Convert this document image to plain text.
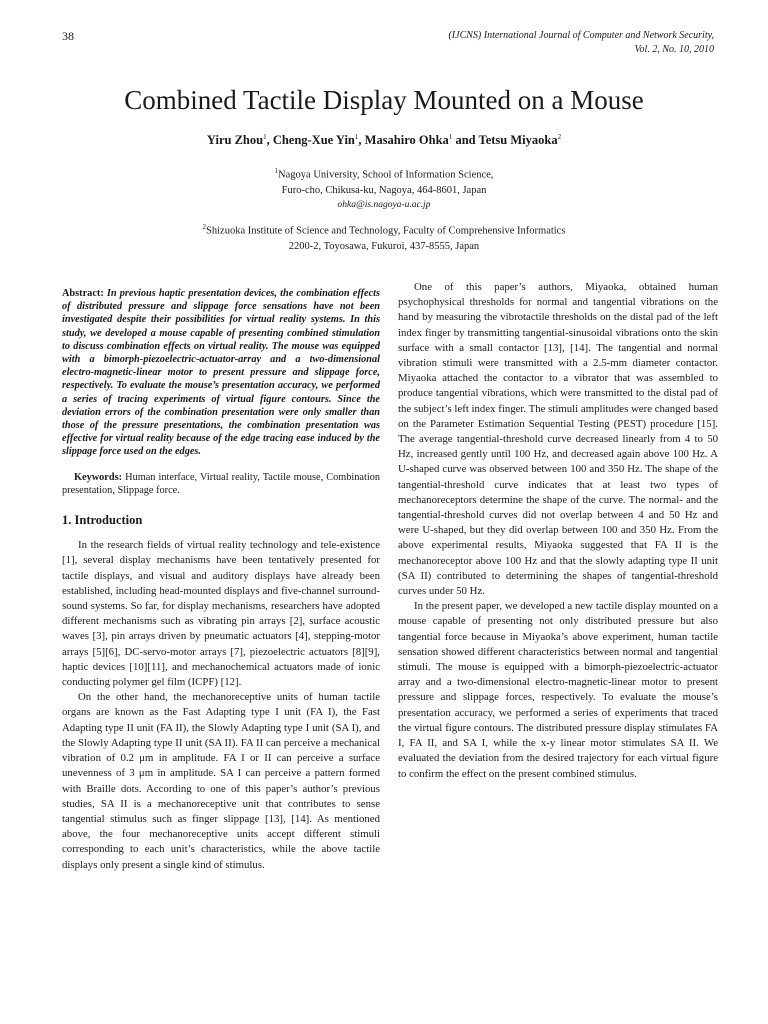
38	(IJCNS) International Journal of Computer and Network Security,
Vol. 2, No. 10, 2010
Combined Tactile Display Mounted on a Mouse
Yiru Zhou$^1$, Cheng-Xue Yin$^1$, Masahiro Ohka$^1$ and Tetsu Miyaoka$^2$
$^1$Nagoya University, School of Information Science,
Furo-cho, Chikusa-ku, Nagoya, 464-8601, Japan
ohka@is.nagoya-u.ac.jp
$^2$Shizuoka Institute of Science and Technology, Faculty of Comprehensive Informatics
2200-2, Toyosawa, Fukuroi, 437-8555, Japan

Abstract: In previous haptic presentation devices, the combination effects of distributed pressure and slippage force sensations have not been investigated despite their possibilities for virtual reality systems. In this study, we developed a mouse capable of presenting combined stimulation to discuss combination effects on virtual reality. The mouse was equipped with a bimorph-piezoelectric-actuator-array and a two-dimensional electro-magnetic-linear motor to present pressure and slippage force, respectively. To evaluate the mouse’s presentation accuracy, we performed a series of tracing experiments of virtual figure contours. Since the deviation errors of the combination presentation were only smaller than those of the pressure presentations, the combination presentation was effective for virtual reality because of the edge tracing ease induced by the slippage force used on the edges.

Keywords: Human interface, Virtual reality, Tactile mouse, Combination presentation, Slippage force.

1. Introduction

In the research fields of virtual reality technology and tele-existence [1], several display mechanisms have been tentatively presented for tactile displays, and visual and auditory displays have already been established, including head-mounted displays and five-channel surround-sound systems. So far, for display mechanisms, researchers have adopted different mechanisms such as vibrating pin arrays [2], surface acoustic waves [3], pin arrays driven by pneumatic actuators [4], stepping-motor arrays [5][6], DC-servo-motor arrays [7], piezoelectric actuators [8][9], haptic devices [10][11], and mechanochemical actuators made of ionic conducting polymer gel film (ICPF) [12].

On the other hand, the mechanoreceptive units of human tactile organs are known as the Fast Adapting type I unit (FA I), the Fast Adapting type II unit (FA II), the Slowly Adapting type I unit (SA I), and the Slowly Adapting type II unit (SA II). FA II can perceive a mechanical vibration of 0.2 μm in amplitude. FA I or II can perceive a surface unevenness of 3 μm in amplitude. SA I can perceive a pattern formed with Braille dots. According to one of this paper’s author’s previous studies, SA II is a mechanoreceptive unit that contributes to sense tangential stimulus such as finger slippage [13], [14]. As mentioned above, the four mechanoreceptive units accept different stimuli corresponding to each unit’s characteristics, while the above tactile displays only present a single kind of stimulus.

One of this paper’s authors, Miyaoka, obtained human psychophysical thresholds for normal and tangential vibrations on the hand by measuring the vibrotactile thresholds on the distal pad of the left index finger by transmitting tangential-sinusoidal vibrations onto the skin surface with a small contactor [13], [14]. The tangential and normal vibration stimuli were transmitted with a 2.5-mm diameter contactor. Miyaoka attached the contactor to a vibrator that was assembled to produce tangential vibrations, which were transmitted to the distal pad of the subject’s left index finger. The stimuli amplitudes were changed based on the Parameter Estimation Sequential Testing (PEST) procedure [15]. The average tangential-threshold curve decreased linearly from 4 to 50 Hz, increased gently until 100 Hz, and decreased again above 100 Hz. A U-shaped curve was observed between 100 and 350 Hz. The shape of the tangential-threshold curve indicates that at least two types of mechanoreceptors determine the shape of the curve. The normal- and the tangential-threshold curves did not overlap between 4 and 50 Hz and were U-shaped, but they did overlap between 100 and 350 Hz. From the above experimental results, Miyaoka suggested that FA II is the mechanoreceptor above 100 Hz and that the slowly adapting type II unit (SA II) contributed to determining the shapes of tangential-threshold curves under 50 Hz.

In the present paper, we developed a new tactile display mounted on a mouse capable of presenting not only distributed pressure but also tangential force because in Miyaoka’s above experiment, human tactile sensation showed different characteristics between normal and tangential stimuli. The mouse is equipped with a bimorph-piezoelectric-actuator array and a two-dimensional electro-magnetic-linear motor to present pressure and slippage forces, respectively. To evaluate the mouse’s presentation accuracy, we performed a series of experiments that traced the virtual figure contours. The distributed pressure display stimulates FA I, FA II, and SA I, while the x-y linear motor stimulates SA II. We evaluated the deviation from the desired trajectory for each virtual figure to confirm the effect on the present combined stimulus.
